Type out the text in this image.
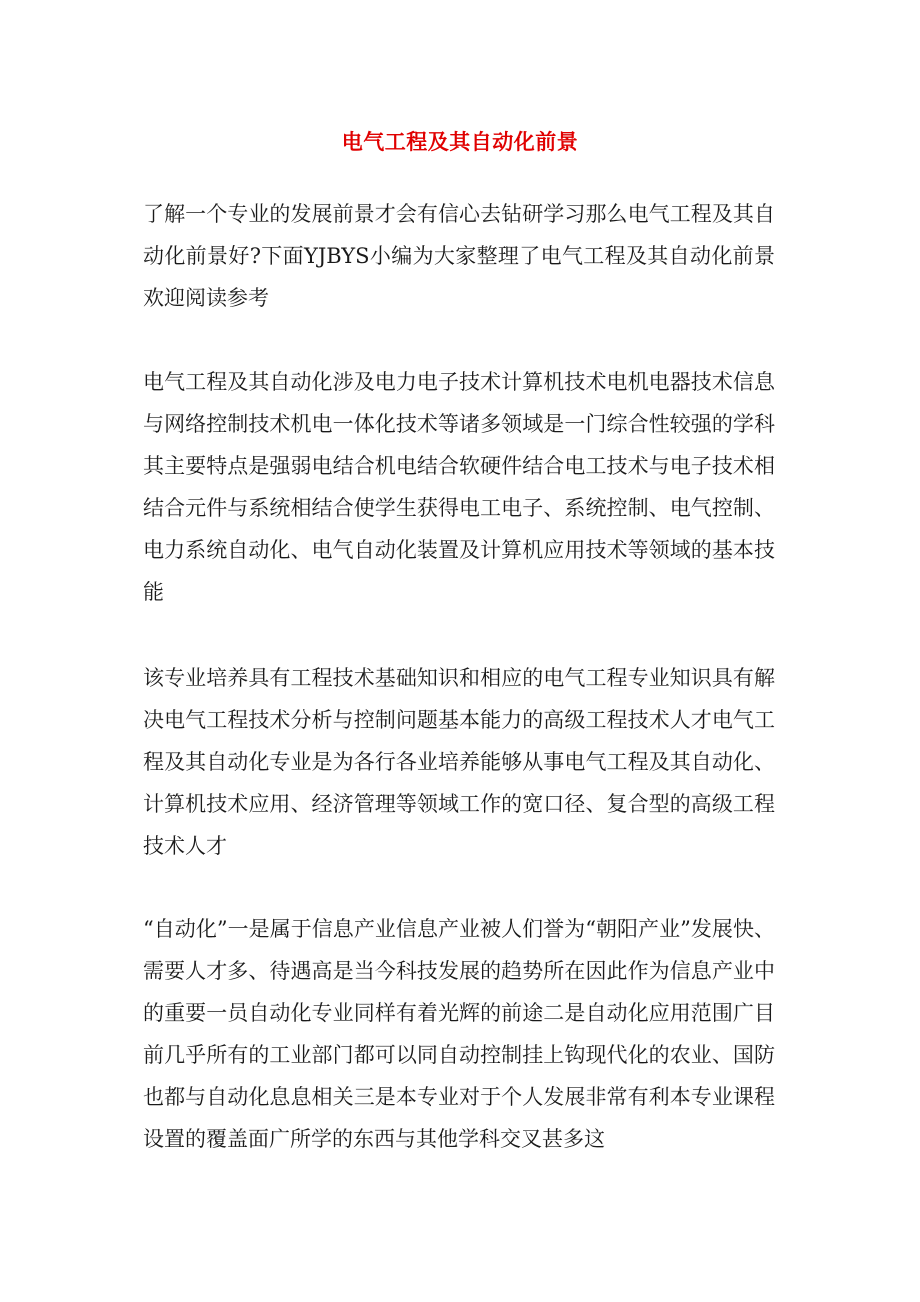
电气工程及其自动化前景

了解一个专业的发展前景才会有信心去钻研学习那么电气工程及其自动化前景好?下面YJBYS小编为大家整理了电气工程及其自动化前景欢迎阅读参考

电气工程及其自动化涉及电力电子技术计算机技术电机电器技术信息与网络控制技术机电一体化技术等诸多领域是一门综合性较强的学科其主要特点是强弱电结合机电结合软硬件结合电工技术与电子技术相结合元件与系统相结合使学生获得电工电子、系统控制、电气控制、电力系统自动化、电气自动化装置及计算机应用技术等领域的基本技能

该专业培养具有工程技术基础知识和相应的电气工程专业知识具有解决电气工程技术分析与控制问题基本能力的高级工程技术人才电气工程及其自动化专业是为各行各业培养能够从事电气工程及其自动化、计算机技术应用、经济管理等领域工作的宽口径、复合型的高级工程技术人才

“自动化”一是属于信息产业信息产业被人们誉为“朝阳产业”发展快、需要人才多、待遇高是当今科技发展的趋势所在因此作为信息产业中的重要一员自动化专业同样有着光辉的前途二是自动化应用范围广目前几乎所有的工业部门都可以同自动控制挂上钩现代化的农业、国防也都与自动化息息相关三是本专业对于个人发展非常有利本专业课程设置的覆盖面广所学的东西与其他学科交叉甚多这
